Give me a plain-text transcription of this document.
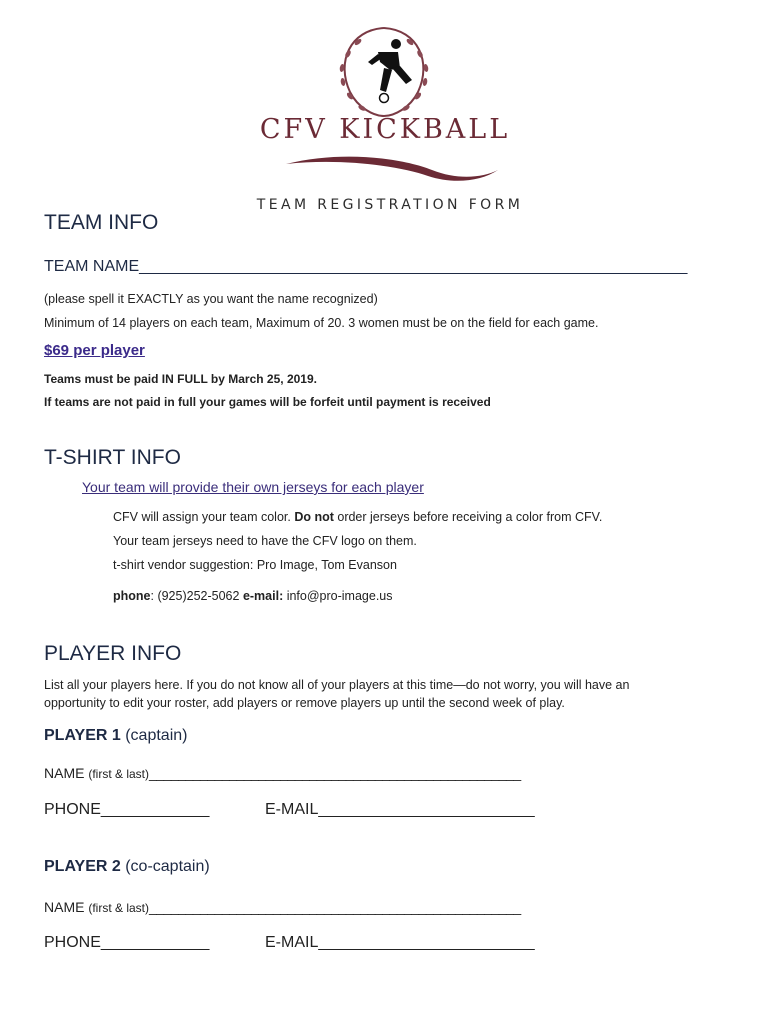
CFV KICKBALL
TEAM REGISTRATION FORM
TEAM INFO
TEAM NAME__________________________________________________________________
(please spell it EXACTLY as you want the name recognized)
Minimum of 14 players on each team, Maximum of 20. 3 women must be on the field for each game.
$69 per player
Teams must be paid IN FULL by March 25, 2019.
If teams are not paid in full your games will be forfeit until payment is received
T-SHIRT INFO
Your team will provide their own jerseys for each player
CFV will assign your team color. Do not order jerseys before receiving a color from CFV.
Your team jerseys need to have the CFV logo on them.
t-shirt vendor suggestion: Pro Image, Tom Evanson
phone: (925)252-5062 e-mail: info@pro-image.us
PLAYER INFO
List all your players here. If you do not know all of your players at this time—do not worry, you will have an
opportunity to edit your roster, add players or remove players up until the second week of play.
PLAYER 1 (captain)
NAME (first & last)___________________________________________________
PHONE_____________	E-MAIL__________________________
PLAYER 2 (co-captain)
NAME (first & last)___________________________________________________
PHONE_____________	E-MAIL__________________________
